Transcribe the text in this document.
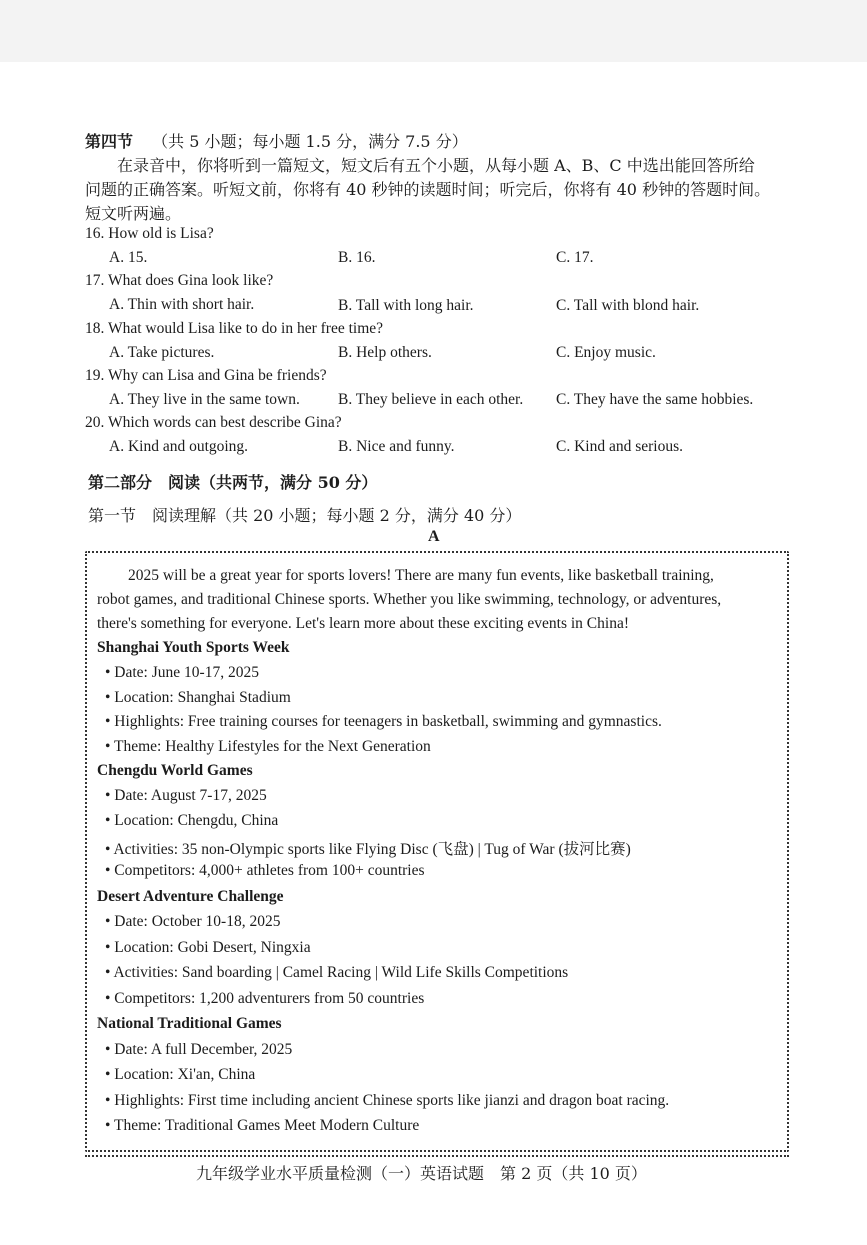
第四节 （共 5 小题；每小题 1.5 分，满分 7.5 分）
在录音中，你将听到一篇短文，短文后有五个小题，从每小题 A、B、C 中选出能回答所给
问题的正确答案。听短文前，你将有 40 秒钟的读题时间；听完后，你将有 40 秒钟的答题时间。
短文听两遍。
16. How old is Lisa?
A. 15.	B. 16.	C. 17.
17. What does Gina look like?
A. Thin with short hair.	B. Tall with long hair.	C. Tall with blond hair.
18. What would Lisa like to do in her free time?
A. Take pictures.	B. Help others.	C. Enjoy music.
19. Why can Lisa and Gina be friends?
A. They live in the same town. B. They believe in each other. C. They have the same hobbies.
20. Which words can best describe Gina?
A. Kind and outgoing.	B. Nice and funny.	C. Kind and serious.
第二部分　阅读（共两节，满分 50 分）
第一节　阅读理解（共 20 小题；每小题 2 分，满分 40 分）
A
2025 will be a great year for sports lovers! There are many fun events, like basketball training,
robot games, and traditional Chinese sports. Whether you like swimming, technology, or adventures,
there's something for everyone. Let's learn more about these exciting events in China!
Shanghai Youth Sports Week
• Date: June 10-17, 2025
• Location: Shanghai Stadium
• Highlights: Free training courses for teenagers in basketball, swimming and gymnastics.
• Theme: Healthy Lifestyles for the Next Generation
Chengdu World Games
• Date: August 7-17, 2025
• Location: Chengdu, China
• Activities: 35 non-Olympic sports like Flying Disc (飞盘) | Tug of War (拔河比赛)
• Competitors: 4,000+ athletes from 100+ countries
Desert Adventure Challenge
• Date: October 10-18, 2025
• Location: Gobi Desert, Ningxia
• Activities: Sand boarding | Camel Racing | Wild Life Skills Competitions
• Competitors: 1,200 adventurers from 50 countries
National Traditional Games
• Date: A full December, 2025
• Location: Xi'an, China
• Highlights: First time including ancient Chinese sports like jianzi and dragon boat racing.
• Theme: Traditional Games Meet Modern Culture
九年级学业水平质量检测（一）英语试题　第 2 页（共 10 页）
